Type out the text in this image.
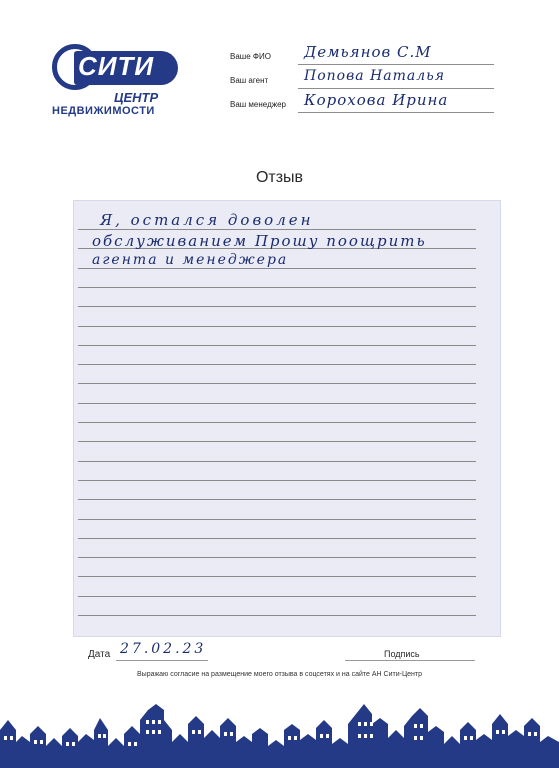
СИТИ
ЦЕНТР
НЕДВИЖИМОСТИ
Ваше ФИО Демьянов С.М
Ваш агент	Попова Наталья
Ваш менеджер Корохова Ирина
Отзыв
Я, остался доволен
обслуживанием Прошу поощрить
агента и менеджера
Дата 27.02.23	Подпись
Выражаю согласие на размещение моего отзыва в соцсетях и на сайте АН Сити-Центр
